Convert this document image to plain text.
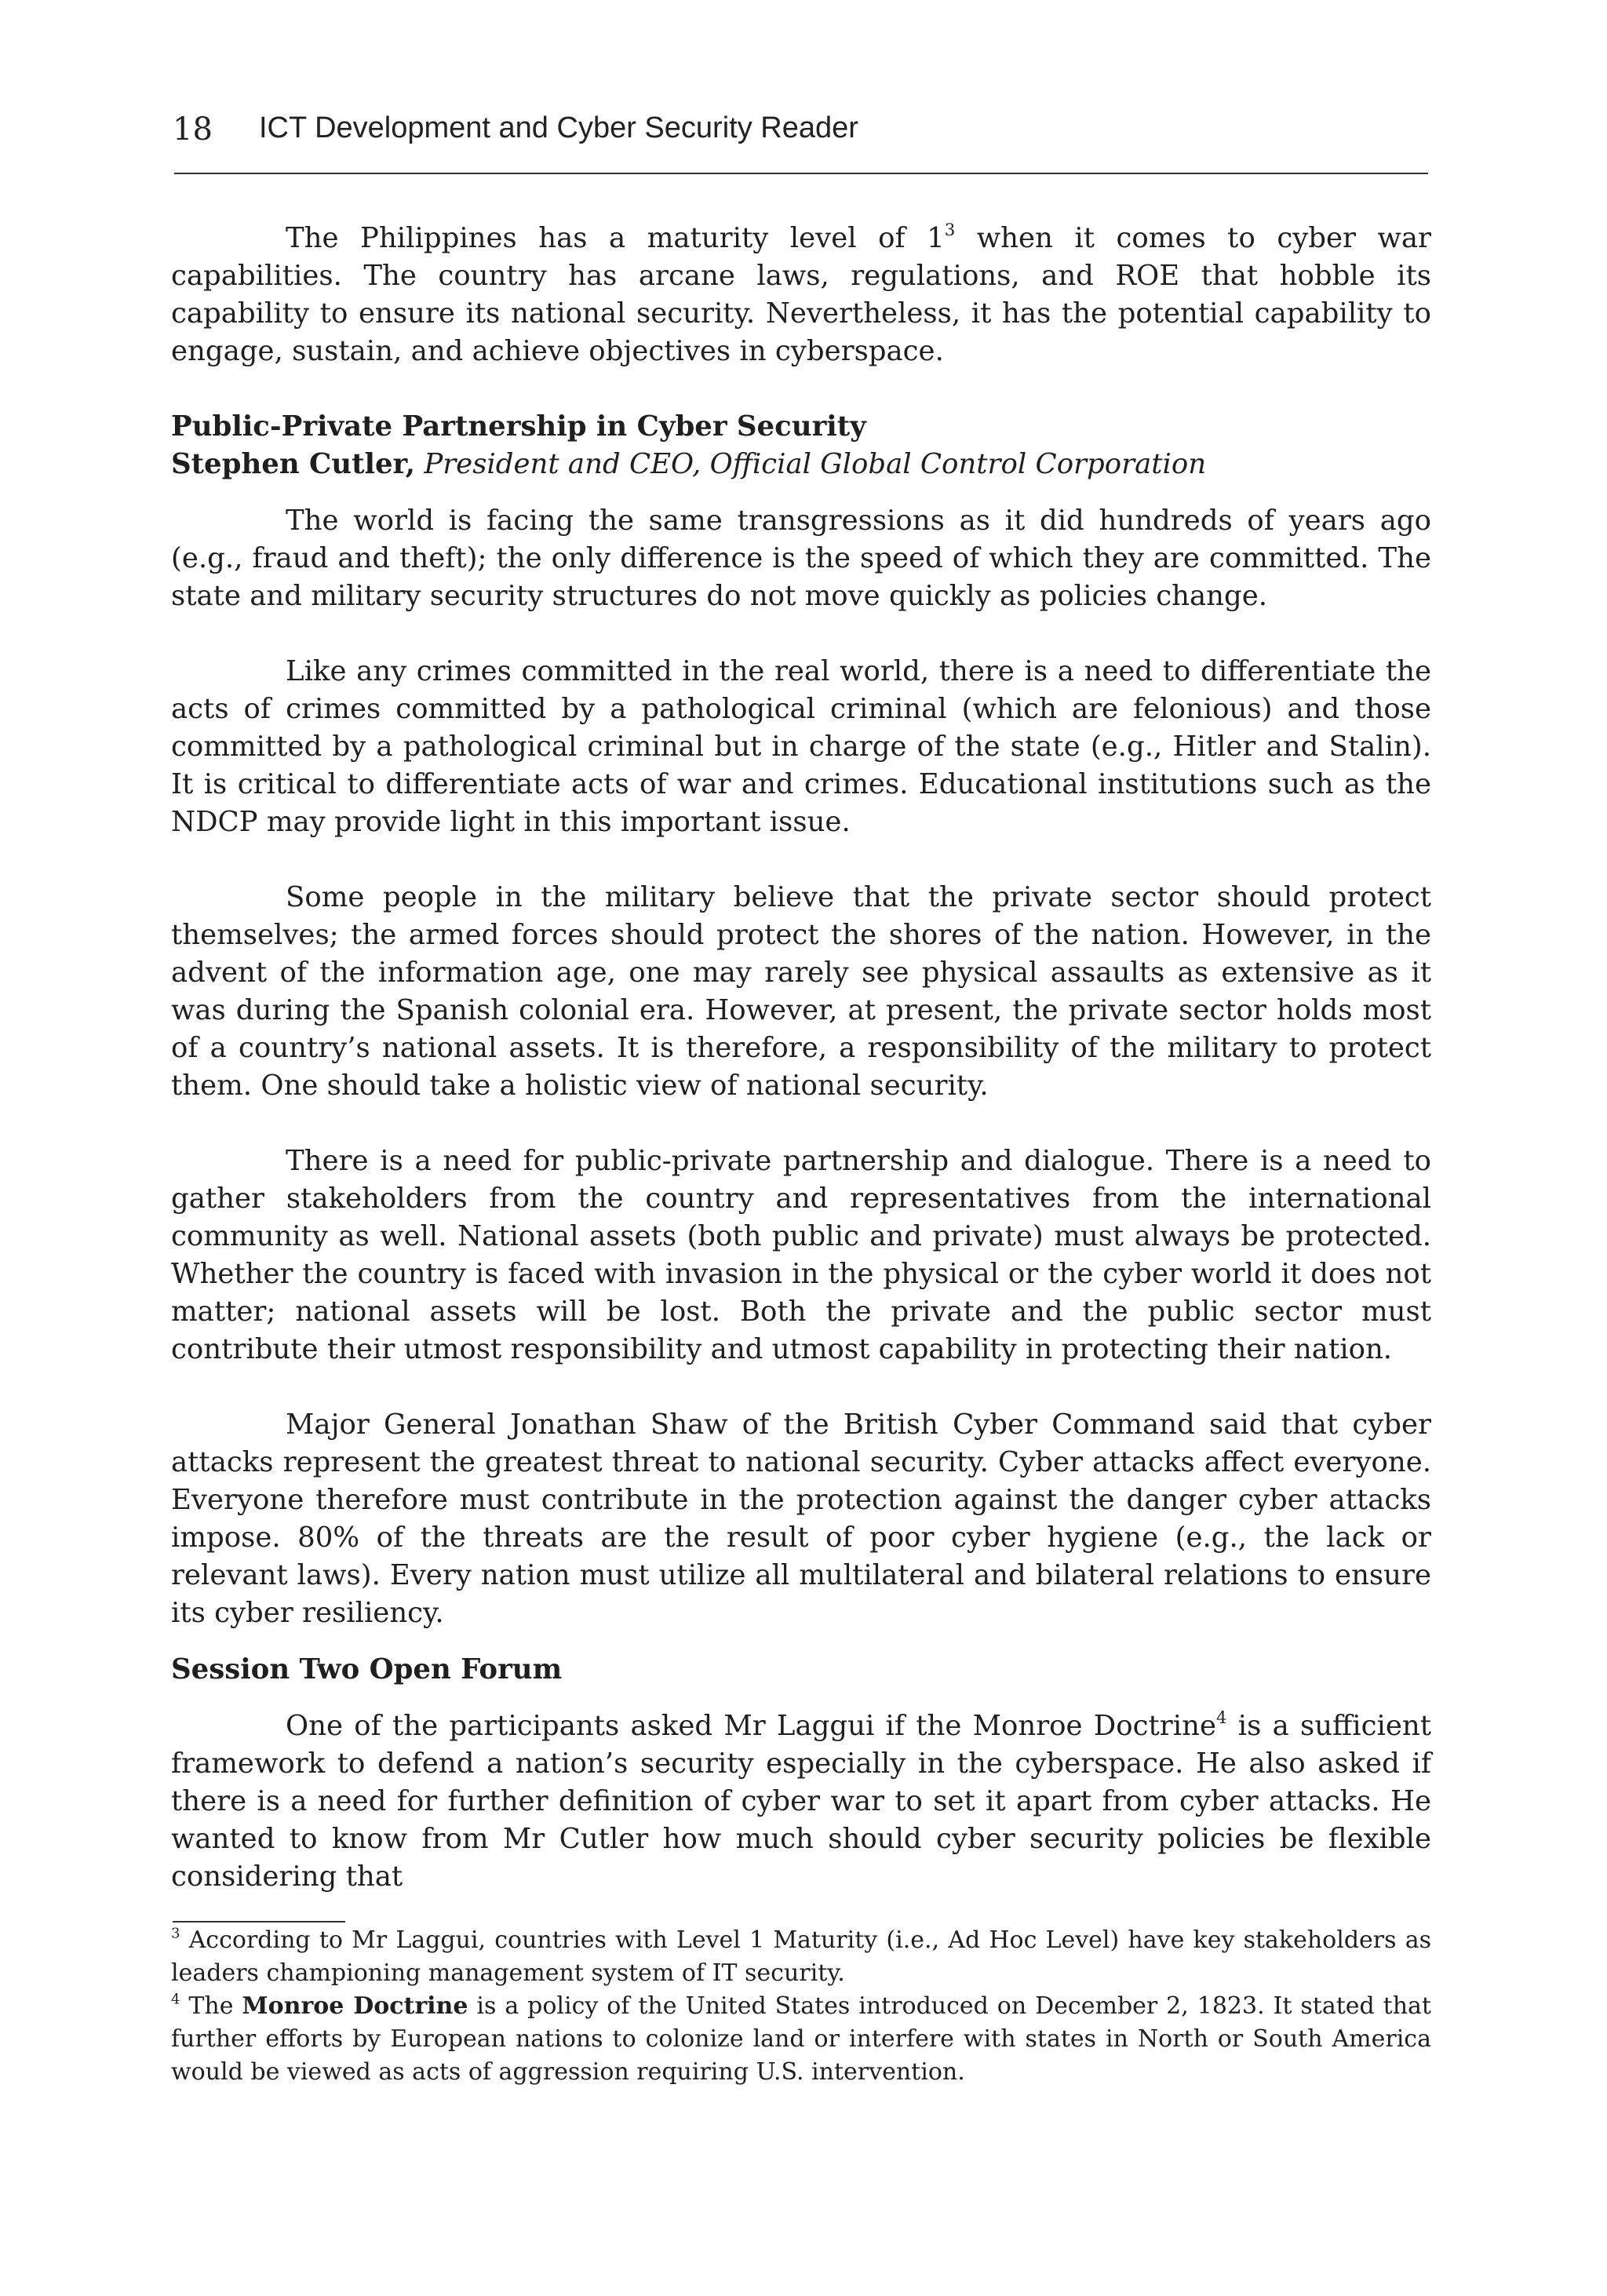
18 ICT Development and Cyber Security Reader

The Philippines has a maturity level of $1^3$ when it comes to cyber war capabilities. The country has arcane laws, regulations, and ROE that hobble its capability to ensure its national security. Nevertheless, it has the potential capability to engage, sustain, and achieve objectives in cyberspace.

Public-Private Partnership in Cyber Security

Stephen Cutler, President and CEO, Official Global Control Corporation

The world is facing the same transgressions as it did hundreds of years ago (e.g., fraud and theft); the only difference is the speed of which they are committed. The state and military security structures do not move quickly as policies change.

Like any crimes committed in the real world, there is a need to differentiate the acts of crimes committed by a pathological criminal (which are felonious) and those committed by a pathological criminal but in charge of the state (e.g., Hitler and Stalin). It is critical to differentiate acts of war and crimes. Educational institutions such as the NDCP may provide light in this important issue.

Some people in the military believe that the private sector should protect themselves; the armed forces should protect the shores of the nation. However, in the advent of the information age, one may rarely see physical assaults as extensive as it was during the Spanish colonial era. However, at present, the private sector holds most of a country’s national assets. It is therefore, a responsibility of the military to protect them. One should take a holistic view of national security.

There is a need for public-private partnership and dialogue. There is a need to gather stakeholders from the country and representatives from the international community as well. National assets (both public and private) must always be protected. Whether the country is faced with invasion in the physical or the cyber world it does not matter; national assets will be lost. Both the private and the public sector must contribute their utmost responsibility and utmost capability in protecting their nation.

Major General Jonathan Shaw of the British Cyber Command said that cyber attacks represent the greatest threat to national security. Cyber attacks affect everyone. Everyone therefore must contribute in the protection against the danger cyber attacks impose. 80% of the threats are the result of poor cyber hygiene (e.g., the lack or relevant laws). Every nation must utilize all multilateral and bilateral relations to ensure its cyber resiliency.

Session Two Open Forum

One of the participants asked Mr Laggui if the Monroe Doctrine$^4$ is a sufficient framework to defend a nation’s security especially in the cyberspace. He also asked if there is a need for further definition of cyber war to set it apart from cyber attacks. He wanted to know from Mr Cutler how much should cyber security policies be flexible considering that

$^3$ According to Mr Laggui, countries with Level 1 Maturity (i.e., Ad Hoc Level) have key stakeholders as leaders championing management system of IT security.

$^4$ The Monroe Doctrine is a policy of the United States introduced on December 2, 1823. It stated that further efforts by European nations to colonize land or interfere with states in North or South America would be viewed as acts of aggression requiring U.S. intervention.
